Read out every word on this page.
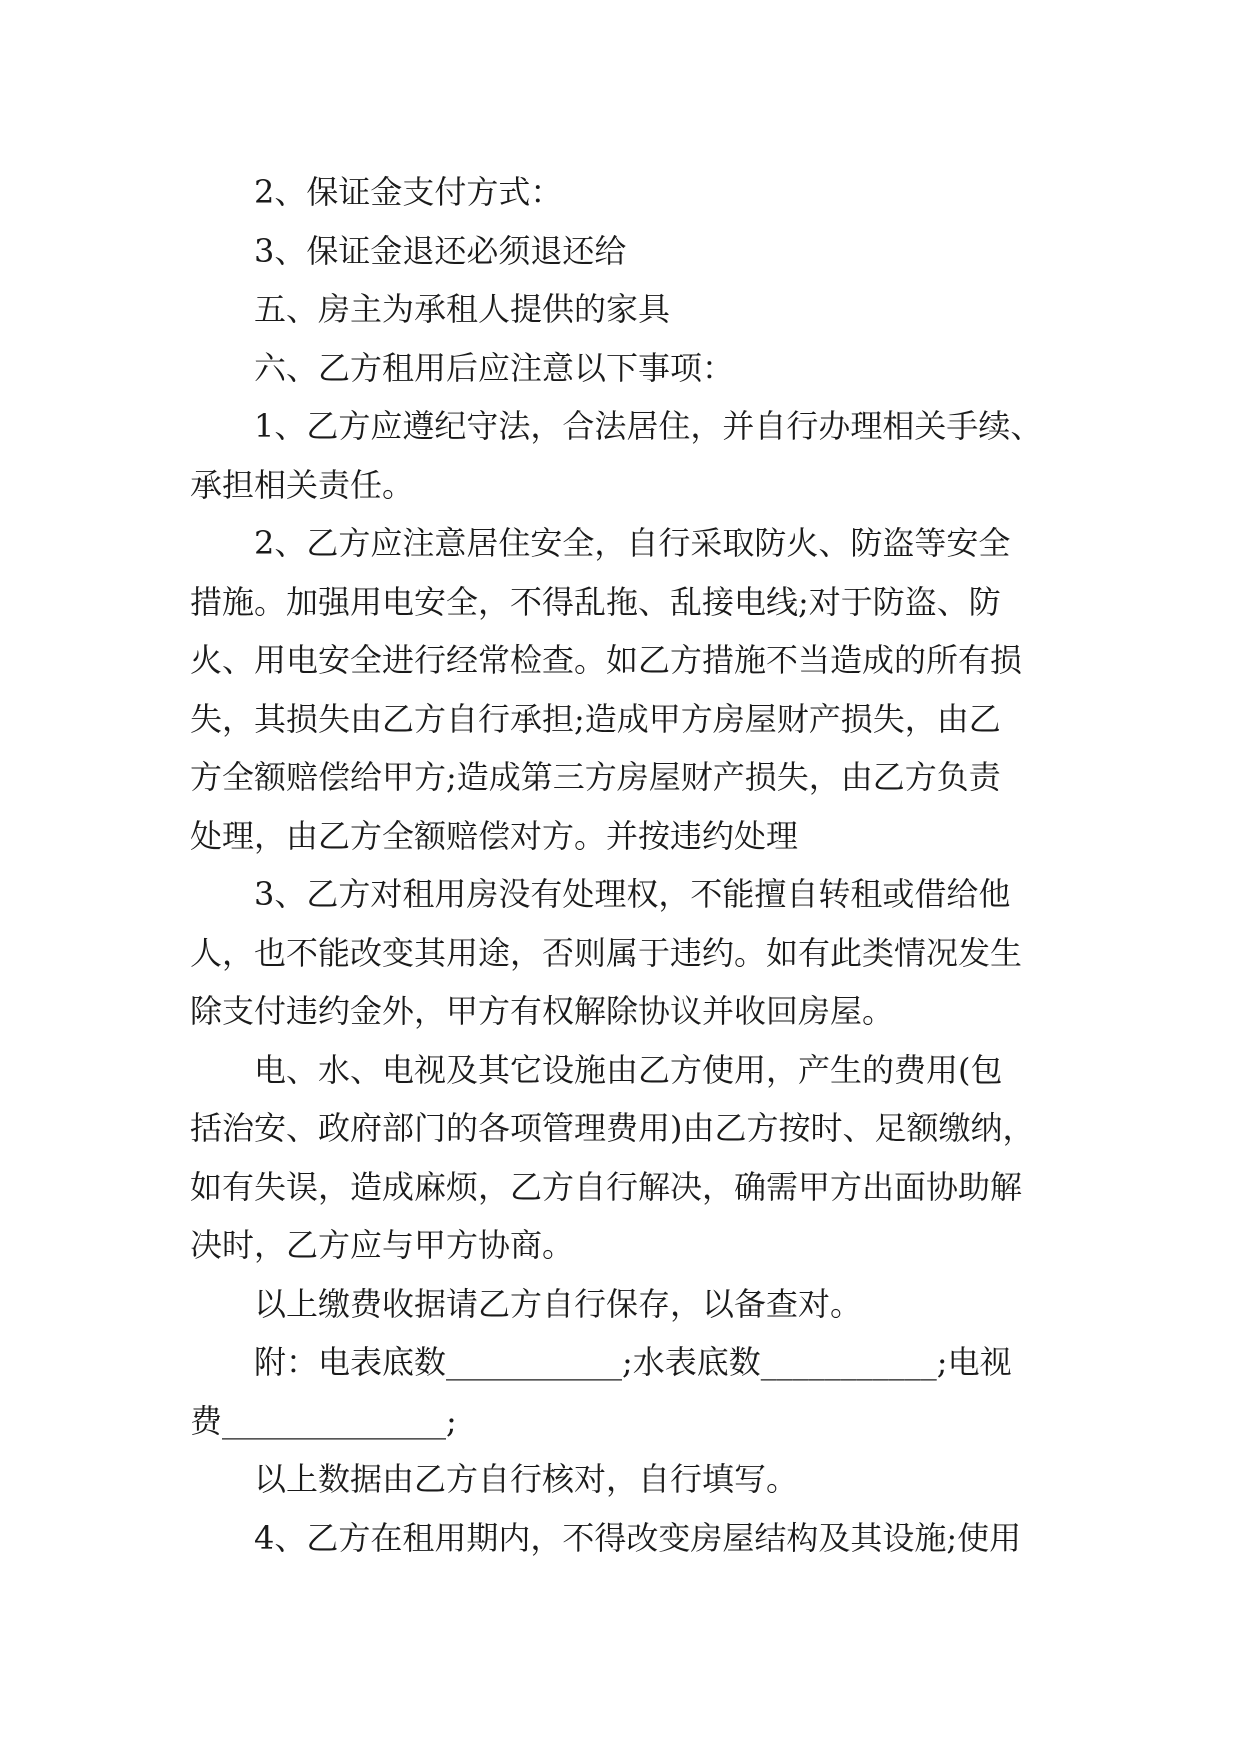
2、保证金支付方式：
3、保证金退还必须退还给
五、房主为承租人提供的家具
六、乙方租用后应注意以下事项：
1、乙方应遵纪守法，合法居住，并自行办理相关手续、
承担相关责任。
2、乙方应注意居住安全，自行采取防火、防盗等安全
措施。加强用电安全，不得乱拖、乱接电线;对于防盗、防
火、用电安全进行经常检查。如乙方措施不当造成的所有损
失，其损失由乙方自行承担;造成甲方房屋财产损失，由乙
方全额赔偿给甲方;造成第三方房屋财产损失，由乙方负责
处理，由乙方全额赔偿对方。并按违约处理
3、乙方对租用房没有处理权，不能擅自转租或借给他
人，也不能改变其用途，否则属于违约。如有此类情况发生
除支付违约金外，甲方有权解除协议并收回房屋。
电、水、电视及其它设施由乙方使用，产生的费用(包
括治安、政府部门的各项管理费用)由乙方按时、足额缴纳，
如有失误，造成麻烦，乙方自行解决，确需甲方出面协助解
决时，乙方应与甲方协商。
以上缴费收据请乙方自行保存，以备查对。
附：电表底数___________;水表底数___________;电视
费______________;
以上数据由乙方自行核对，自行填写。
4、乙方在租用期内，不得改变房屋结构及其设施;使用
